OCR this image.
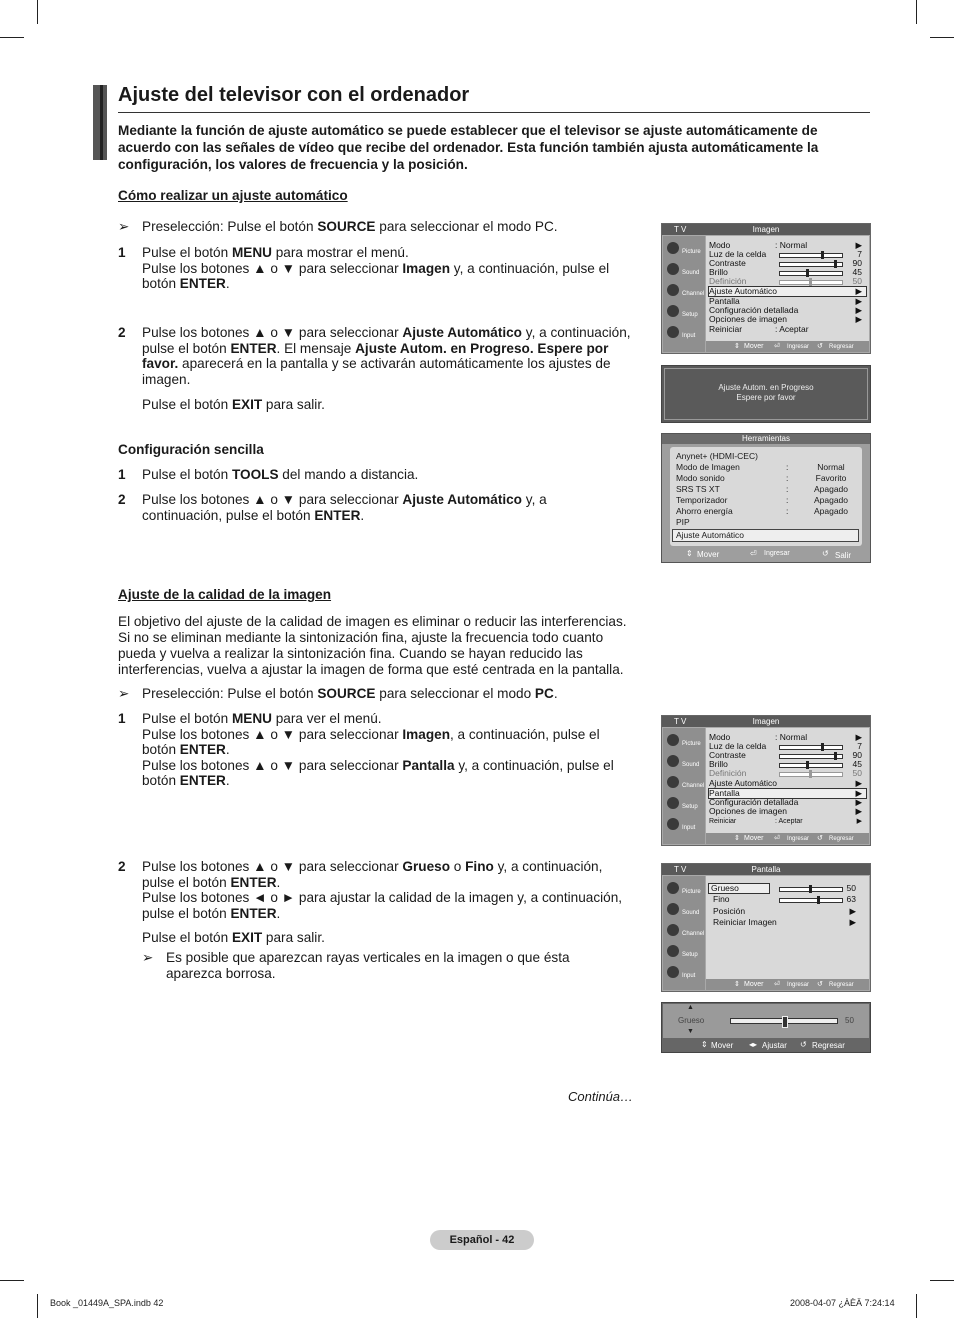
Ajuste del televisor con el ordenador
Mediante la función de ajuste automático se puede establecer que el televisor se ajuste automáticamente de acuerdo con las señales de vídeo que recibe del ordenador. Esta función también ajusta automáticamente la configuración, los valores de frecuencia y la posición.
Cómo realizar un ajuste automático
➢ Preselección: Pulse el botón SOURCE para seleccionar el modo PC.
1 Pulse el botón MENU para mostrar el menú.
Pulse los botones ▲ o ▼ para seleccionar Imagen y, a continuación, pulse el botón ENTER.
2 Pulse los botones ▲ o ▼ para seleccionar Ajuste Automático y, a continuación, pulse el botón ENTER. El mensaje Ajuste Autom. en Progreso. Espere por favor. aparecerá en la pantalla y se activarán automáticamente los ajustes de imagen.
Pulse el botón EXIT para salir.
Configuración sencilla
1 Pulse el botón TOOLS del mando a distancia.
2 Pulse los botones ▲ o ▼ para seleccionar Ajuste Automático y, a continuación, pulse el botón ENTER.
Ajuste de la calidad de la imagen
El objetivo del ajuste de la calidad de imagen es eliminar o reducir las interferencias. Si no se eliminan mediante la sintonización fina, ajuste la frecuencia todo cuanto pueda y vuelva a realizar la sintonización fina. Cuando se hayan reducido las interferencias, vuelva a ajustar la imagen de forma que esté centrada en la pantalla.
➢ Preselección: Pulse el botón SOURCE para seleccionar el modo PC.
1 Pulse el botón MENU para ver el menú.
Pulse los botones ▲ o ▼ para seleccionar Imagen, a continuación, pulse el botón ENTER.
Pulse los botones ▲ o ▼ para seleccionar Pantalla y, a continuación, pulse el botón ENTER.
2 Pulse los botones ▲ o ▼ para seleccionar Grueso o Fino y, a continuación, pulse el botón ENTER.
Pulse los botones ◄ o ► para ajustar la calidad de la imagen y, a continuación, pulse el botón ENTER.
Pulse el botón EXIT para salir.
➢ Es posible que aparezcan rayas verticales en la imagen o que ésta aparezca borrosa.
Continúa…
T V	Imagen
Picture
Sound
Channel
Setup
Input
Modo	: Normal	▶
Luz de la celda	7
Contraste	90
Brillo	45
Definición	50
Ajuste Automático	▶
Pantalla	▶
Configuración detallada	▶
Opciones de imagen	▶
Reiniciar	: Aceptar
⇕ Mover ⏎ Ingresar ↺ Regresar
Ajuste Autom. en Progreso
Espere por favor
Herramientas
Anynet+ (HDMI-CEC)
Modo de Imagen	:	Normal
Modo sonido	:	Favorito
SRS TS XT	:	Apagado
Temporizador	:	Apagado
Ahorro energía	:	Apagado
PIP
Ajuste Automático
⇕ Mover	⏎ Ingresar	↺ Salir
T V	Imagen
Picture
Sound
Channel
Setup
Input
Modo	: Normal	▶
Luz de la celda	7
Contraste	90
Brillo	45
Definición	50
Ajuste Automático	▶
Pantalla	▶
Configuración detallada	▶
Opciones de imagen	▶
Reiniciar	: Aceptar	▶
⇕ Mover ⏎ Ingresar ↺ Regresar
T V	Pantalla
Picture
Sound
Channel
Setup
Input
Grueso	50
Fino	63
Posición	▶
Reiniciar Imagen	▶
⇕ Mover ⏎ Ingresar ↺ Regresar
▲
Grueso
▼
50
⇕ Mover ◂▸ Ajustar ↺ Regresar
Español - 42
Book _01449A_SPA.indb 42	2008-04-07 ¿ÀÈÄ 7:24:14
